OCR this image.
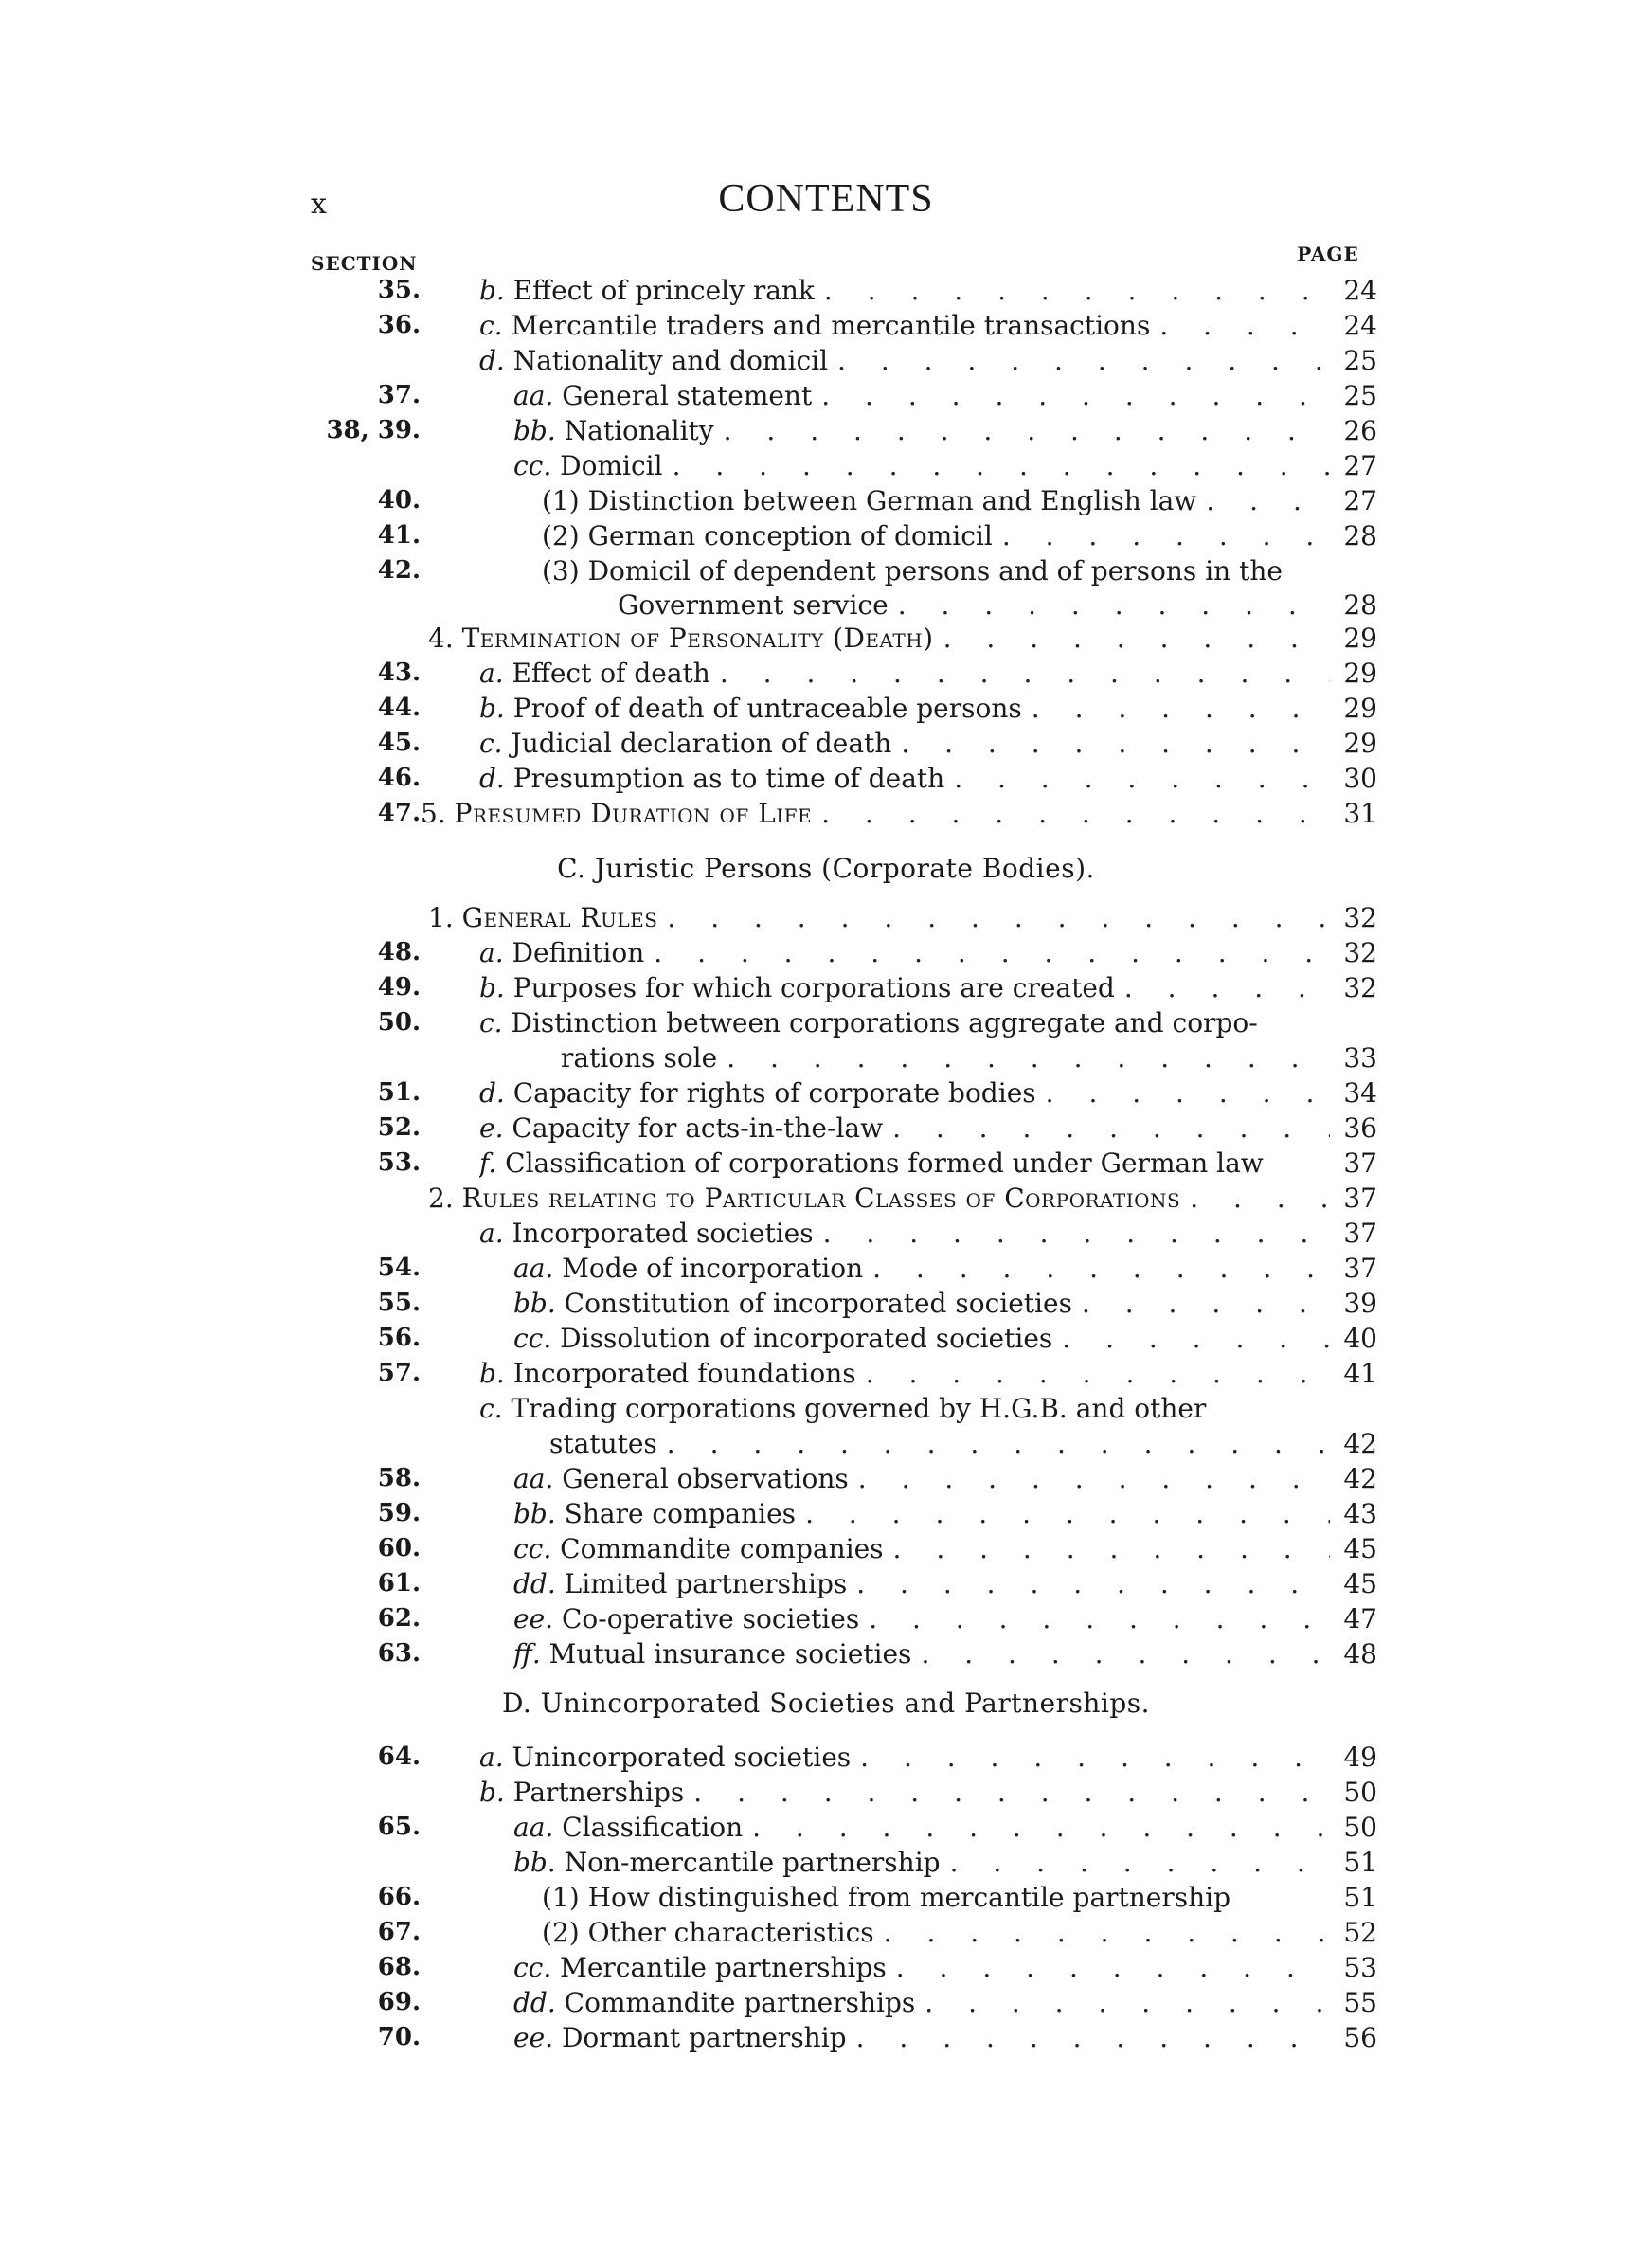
x	CONTENTS
SECTION	PAGE
C. Juristic Persons (Corporate Bodies).
D. Unincorporated Societies and Partnerships.
35. b. Effect of princely rank . . .	24
36. c. Mercantile traders and mercantile transactions . . .	24
d. Nationality and domicil . . .	25
37.	aa. General statement . . .	25
38, 39.	bb. Nationality . . .	26
cc. Domicil . . .	27
40.	(1) Distinction between German and English law . . .	27
41.	(2) German conception of domicil . . .	28
42.	(3) Domicil of dependent persons and of persons in the
Government service . . .	28
4. Termination of Personality (Death) . . .	29
43. a. Effect of death . . .	29
44. b. Proof of death of untraceable persons . . .	29
45. c. Judicial declaration of death . . .	29
46. d. Presumption as to time of death . . .	30
47. 5. Presumed Duration of Life . . .	31
1. General Rules . . .	32
48. a. Definition . . .	32
49. b. Purposes for which corporations are created . . .	32
50. c. Distinction between corporations aggregate and corpo-
rations sole . . .	33
51. d. Capacity for rights of corporate bodies . . .	34
52. e. Capacity for acts-in-the-law . . .	36
53. f. Classification of corporations formed under German law	37
2. Rules relating to Particular Classes of Corporations . . .	37
a. Incorporated societies . . .	37
54.	aa. Mode of incorporation . . .	37
55.	bb. Constitution of incorporated societies . . .	39
56.	cc. Dissolution of incorporated societies . . .	40
57. b. Incorporated foundations . . .	41
c. Trading corporations governed by H.G.B. and other
statutes . . .	42
58.	aa. General observations . . .	42
59.	bb. Share companies . . .	43
60.	cc. Commandite companies . . .	45
61.	dd. Limited partnerships . . .	45
62.	ee. Co-operative societies . . .	47
63.	ff. Mutual insurance societies . . .	48
64. a. Unincorporated societies . . .	49
b. Partnerships . . .	50
65.	aa. Classification . . .	50
bb. Non-mercantile partnership . . .	51
66.	(1) How distinguished from mercantile partnership	51
67.	(2) Other characteristics . . .	52
68.	cc. Mercantile partnerships . . .	53
69.	dd. Commandite partnerships . . .	55
70.	ee. Dormant partnership . . .	56
